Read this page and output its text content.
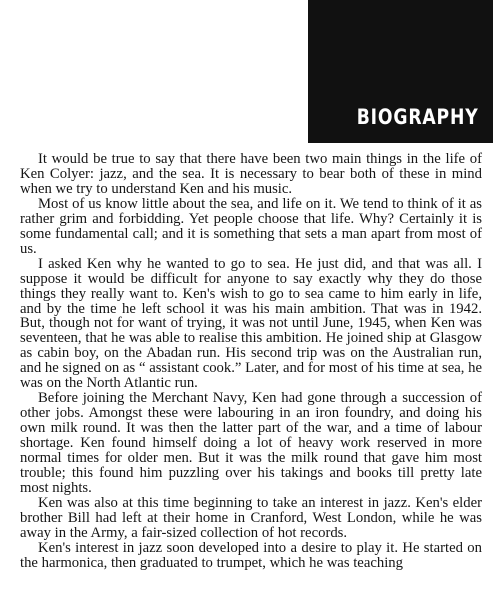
BIOGRAPHY

It would be true to say that there have been two main things in the life of Ken Colyer: jazz, and the sea. It is necessary to bear both of these in mind when we try to understand Ken and his music.

Most of us know little about the sea, and life on it. We tend to think of it as rather grim and forbidding. Yet people choose that life. Why? Certainly it is some fundamental call; and it is something that sets a man apart from most of us.

I asked Ken why he wanted to go to sea. He just did, and that was all. I suppose it would be difficult for anyone to say exactly why they do those things they really want to. Ken's wish to go to sea came to him early in life, and by the time he left school it was his main ambition. That was in 1942. But, though not for want of trying, it was not until June, 1945, when Ken was seventeen, that he was able to realise this ambition. He joined ship at Glasgow as cabin boy, on the Abadan run. His second trip was on the Australian run, and he signed on as “ assistant cook.” Later, and for most of his time at sea, he was on the North Atlantic run.

Before joining the Merchant Navy, Ken had gone through a succession of other jobs. Amongst these were labouring in an iron foundry, and doing his own milk round. It was then the latter part of the war, and a time of labour shortage. Ken found himself doing a lot of heavy work reserved in more normal times for older men. But it was the milk round that gave him most trouble; this found him puzzling over his takings and books till pretty late most nights.

Ken was also at this time beginning to take an interest in jazz. Ken's elder brother Bill had left at their home in Cranford, West London, while he was away in the Army, a fair-sized collection of hot records.

Ken's interest in jazz soon developed into a desire to play it. He started on the harmonica, then graduated to trumpet, which he was teaching
